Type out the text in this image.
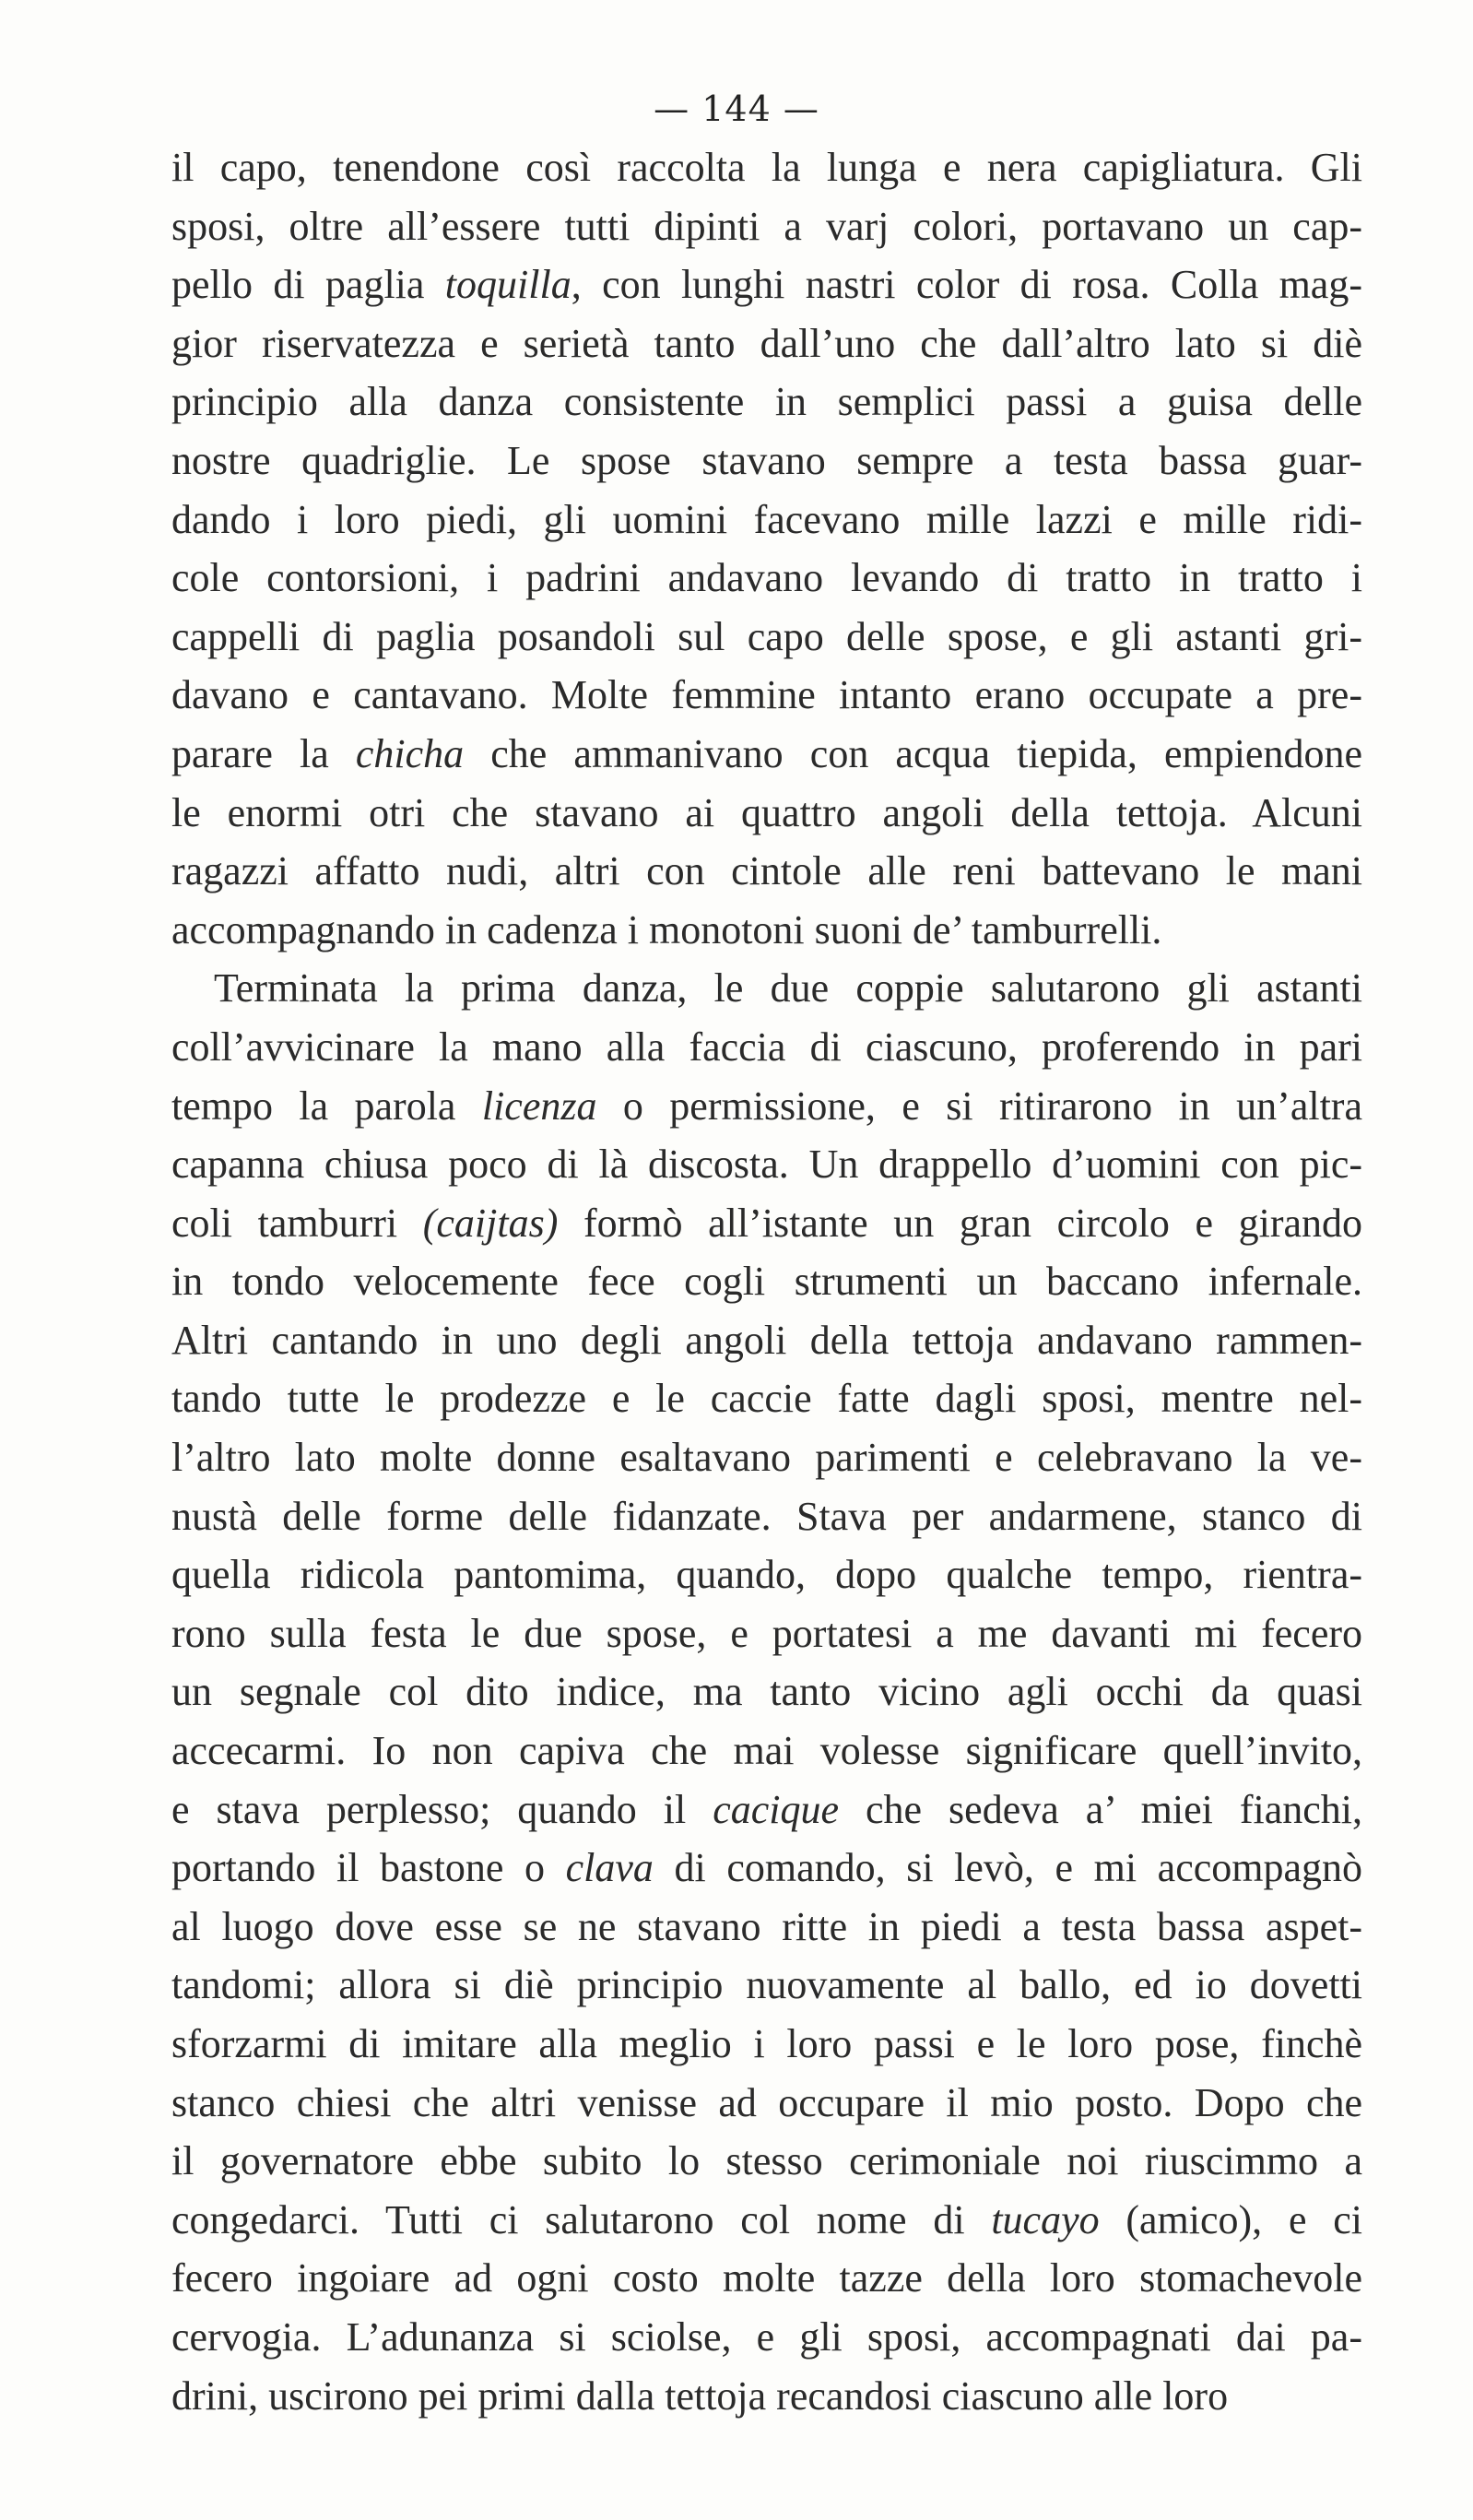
— 144 —
il capo, tenendone così raccolta la lunga e nera capigliatura. Gli
sposi, oltre all’essere tutti dipinti a varj colori, portavano un cap-
pello di paglia toquilla, con lunghi nastri color di rosa. Colla mag-
gior riservatezza e serietà tanto dall’uno che dall’altro lato si diè
principio alla danza consistente in semplici passi a guisa delle
nostre quadriglie. Le spose stavano sempre a testa bassa guar-
dando i loro piedi, gli uomini facevano mille lazzi e mille ridi-
cole contorsioni, i padrini andavano levando di tratto in tratto i
cappelli di paglia posandoli sul capo delle spose, e gli astanti gri-
davano e cantavano. Molte femmine intanto erano occupate a pre-
parare la chicha che ammanivano con acqua tiepida, empiendone
le enormi otri che stavano ai quattro angoli della tettoja. Alcuni
ragazzi affatto nudi, altri con cintole alle reni battevano le mani
accompagnando in cadenza i monotoni suoni de’ tamburrelli.
Terminata la prima danza, le due coppie salutarono gli astanti
coll’avvicinare la mano alla faccia di ciascuno, proferendo in pari
tempo la parola licenza o permissione, e si ritirarono in un’altra
capanna chiusa poco di là discosta. Un drappello d’uomini con pic-
coli tamburri (caijtas) formò all’istante un gran circolo e girando
in tondo velocemente fece cogli strumenti un baccano infernale.
Altri cantando in uno degli angoli della tettoja andavano rammen-
tando tutte le prodezze e le caccie fatte dagli sposi, mentre nel-
l’altro lato molte donne esaltavano parimenti e celebravano la ve-
nustà delle forme delle fidanzate. Stava per andarmene, stanco di
quella ridicola pantomima, quando, dopo qualche tempo, rientra-
rono sulla festa le due spose, e portatesi a me davanti mi fecero
un segnale col dito indice, ma tanto vicino agli occhi da quasi
accecarmi. Io non capiva che mai volesse significare quell’invito,
e stava perplesso; quando il cacique che sedeva a’ miei fianchi,
portando il bastone o clava di comando, si levò, e mi accompagnò
al luogo dove esse se ne stavano ritte in piedi a testa bassa aspet-
tandomi; allora si diè principio nuovamente al ballo, ed io dovetti
sforzarmi di imitare alla meglio i loro passi e le loro pose, finchè
stanco chiesi che altri venisse ad occupare il mio posto. Dopo che
il governatore ebbe subito lo stesso cerimoniale noi riuscimmo a
congedarci. Tutti ci salutarono col nome di tucayo (amico), e ci
fecero ingoiare ad ogni costo molte tazze della loro stomachevole
cervogia. L’adunanza si sciolse, e gli sposi, accompagnati dai pa-
drini, uscirono pei primi dalla tettoja recandosi ciascuno alle loro
